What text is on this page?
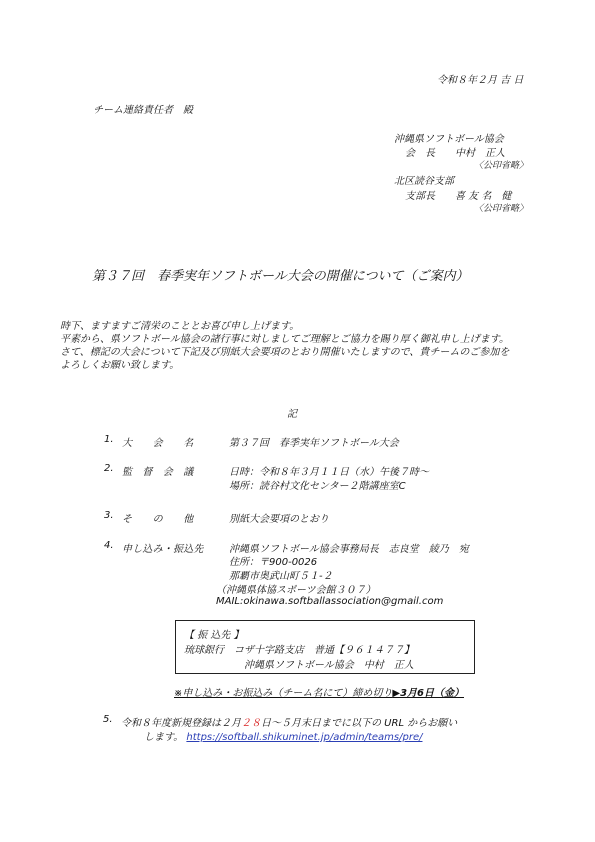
令和８年２月 吉 日
チーム連絡責任者　殿
沖縄県ソフトボール協会
会　長　　中村　正人
〈公印省略〉
北区読谷支部
支部長　　喜 友 名　健
〈公印省略〉
第３７回　春季実年ソフトボール大会の開催について（ご案内）
時下、ますますご清栄のこととお喜び申し上げます。
平素から、県ソフトボール協会の諸行事に対しましてご理解とご協力を賜り厚く御礼申し上げます。
さて、標記の大会について下記及び別紙大会要項のとおり開催いたしますので、貴チームのご参加を
よろしくお願い致します。
記
1. 大　　会　　名	第３７回　春季実年ソフトボール大会
2. 監　督　会　議	日時：令和８年３月１１日（水）午後７時～
場所：読谷村文化センター２階講座室C
3. そ　　の　　他	別紙大会要項のとおり
4. 申し込み・振込先	沖縄県ソフトボール協会事務局長　志良堂　綾乃　宛
住所：〒900-0026
那覇市奥武山町５１-２
（沖縄県体協スポーツ会館３０７）
MAIL:okinawa.softballassociation@gmail.com
【 振 込先 】
琉球銀行　コザ十字路支店　普通【９６１４７７】
沖縄県ソフトボール協会　中村　正人
※申し込み・お振込み（チーム名にて）締め切り▶3月6日（金）
5. 令和８年度新規登録は２月２８日～５月末日までに以下の URL からお願い
します。 https://softball.shikuminet.jp/admin/teams/pre/
